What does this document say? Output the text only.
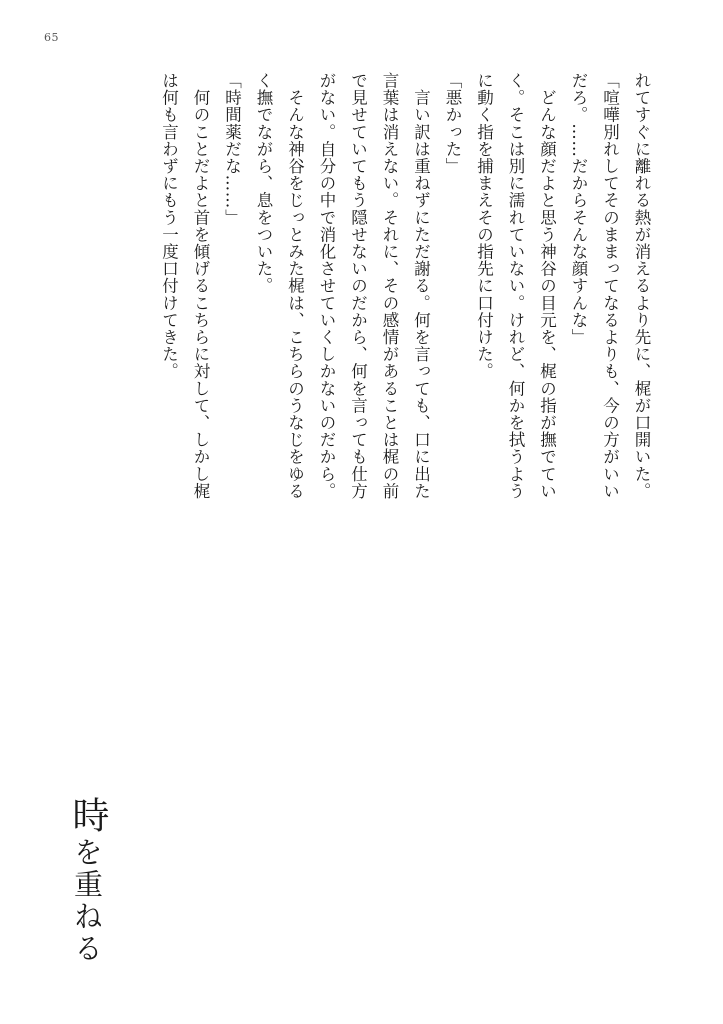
65

れてすぐに離れる熱が消えるより先に、梶が口開いた。

「喧嘩別れしてそのままってなるよりも、今の方がいい

だろ。……だからそんな顔すんな」

　どんな顔だよと思う神谷の目元を、梶の指が撫でてい

く。そこは別に濡れていない。けれど、何かを拭うよう

に動く指を捕まえその指先に口付けた。

「悪かった」

　言い訳は重ねずにただ謝る。何を言っても、口に出た

言葉は消えない。それに、その感情があることは梶の前

で見せていてもう隠せないのだから、何を言っても仕方

がない。自分の中で消化させていくしかないのだから。

　そんな神谷をじっとみた梶は、こちらのうなじをゆる

く撫でながら、息をついた。

「時間薬だな……」

　何のことだよと首を傾げるこちらに対して、しかし梶

は何も言わずにもう一度口付けてきた。

時を重ねる
